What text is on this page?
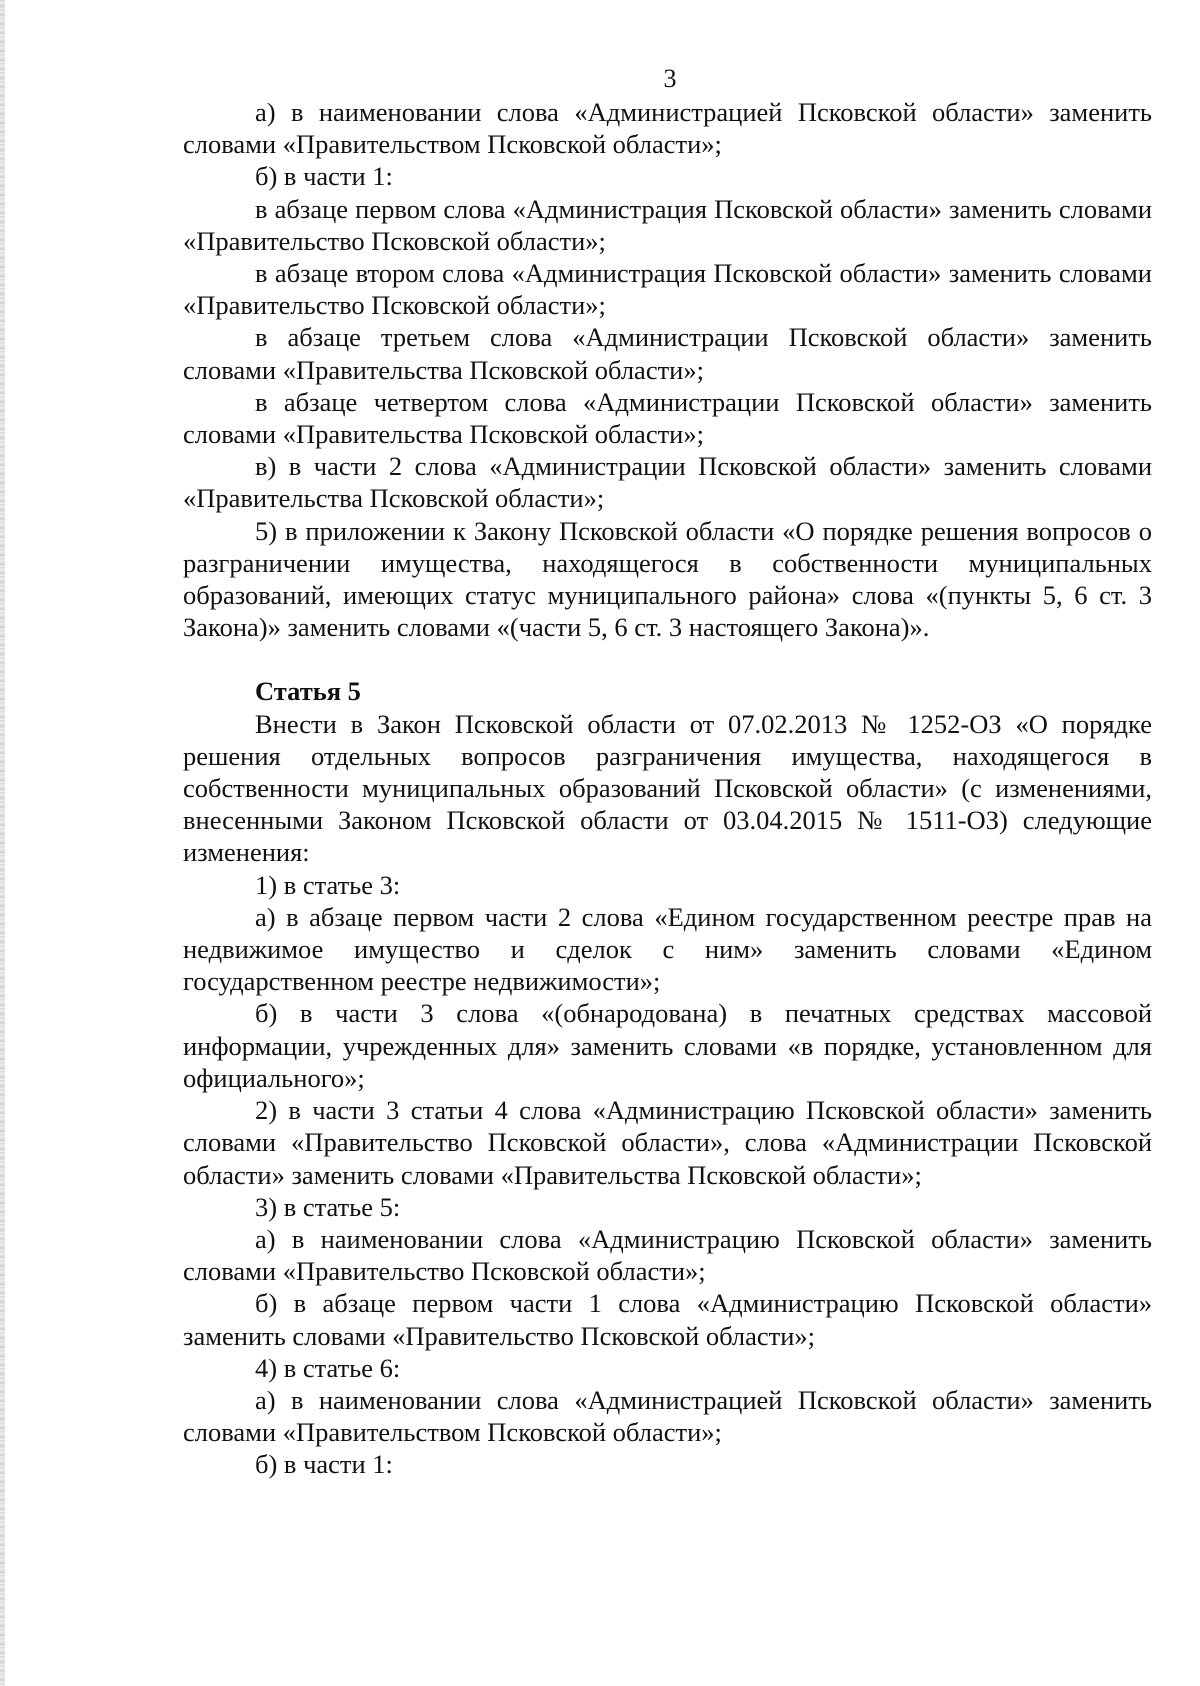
3

а) в наименовании слова «Администрацией Псковской области» заменить словами «Правительством Псковской области»;

б) в части 1:

в абзаце первом слова «Администрация Псковской области» заменить словами «Правительство Псковской области»;

в абзаце втором слова «Администрация Псковской области» заменить словами «Правительство Псковской области»;

в абзаце третьем слова «Администрации Псковской области» заменить словами «Правительства Псковской области»;

в абзаце четвертом слова «Администрации Псковской области» заменить словами «Правительства Псковской области»;

в) в части 2 слова «Администрации Псковской области» заменить словами «Правительства Псковской области»;

5) в приложении к Закону Псковской области «О порядке решения вопросов о разграничении имущества, находящегося в собственности муниципальных образований, имеющих статус муниципального района» слова «(пункты 5, 6 ст. 3 Закона)» заменить словами «(части 5, 6 ст. 3 настоящего Закона)».

Статья 5

Внести в Закон Псковской области от 07.02.2013 № 1252-ОЗ «О порядке решения отдельных вопросов разграничения имущества, находящегося в собственности муниципальных образований Псковской области» (с изменениями, внесенными Законом Псковской области от 03.04.2015 № 1511-ОЗ) следующие изменения:

1) в статье 3:

а) в абзаце первом части 2 слова «Едином государственном реестре прав на недвижимое имущество и сделок с ним» заменить словами «Едином государственном реестре недвижимости»;

б) в части 3 слова «(обнародована) в печатных средствах массовой информации, учрежденных для» заменить словами «в порядке, установленном для официального»;

2) в части 3 статьи 4 слова «Администрацию Псковской области» заменить словами «Правительство Псковской области», слова «Администрации Псковской области» заменить словами «Правительства Псковской области»;

3) в статье 5:

а) в наименовании слова «Администрацию Псковской области» заменить словами «Правительство Псковской области»;

б) в абзаце первом части 1 слова «Администрацию Псковской области» заменить словами «Правительство Псковской области»;

4) в статье 6:

а) в наименовании слова «Администрацией Псковской области» заменить словами «Правительством Псковской области»;

б) в части 1:
